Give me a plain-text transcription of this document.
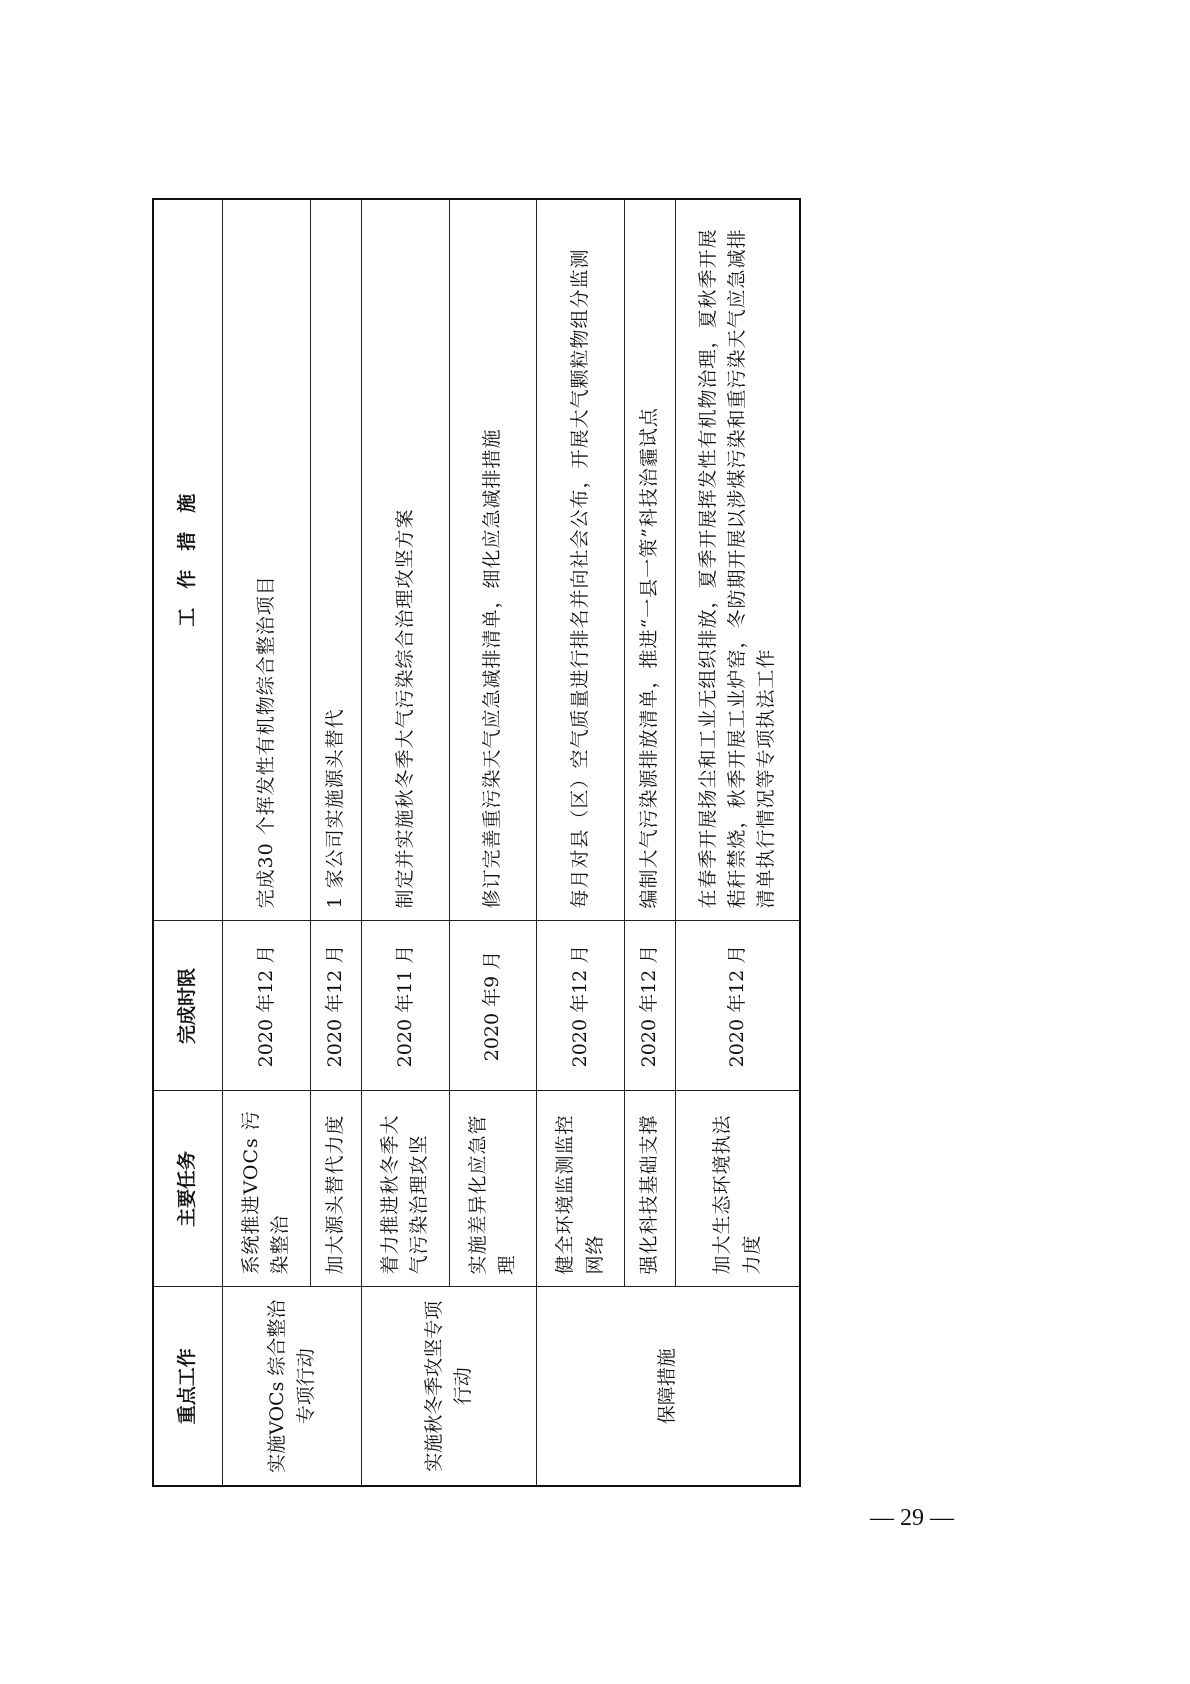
重点工作	主要任务	完成时限	工　作　措　施
实施VOCs 综合整治专项行动	系统推进VOCs 污染整治	2020 年12 月	完成30 个挥发性有机物综合整治项目
	加大源头替代力度	2020 年12 月	1 家公司实施源头替代
实施秋冬季攻坚专项行动	着力推进秋冬季大气污染治理攻坚	2020 年11 月	制定并实施秋冬季大气污染综合治理攻坚方案
	实施差异化应急管理	2020 年9 月	修订完善重污染天气应急减排清单，细化应急减排措施
保障措施	健全环境监测监控网络	2020 年12 月	每月对县（区）空气质量进行排名并向社会公布，开展大气颗粒物组分监测
	强化科技基础支撑	2020 年12 月	编制大气污染源排放清单，推进“一县一策”科技治霾试点
	加大生态环境执法力度	2020 年12 月	在春季开展扬尘和工业无组织排放，夏季开展挥发性有机物治理，夏秋季开展秸秆禁烧，秋季开展工业炉窑，冬防期开展以涉煤污染和重污染天气应急减排清单执行情况等专项执法工作
— 29 —
